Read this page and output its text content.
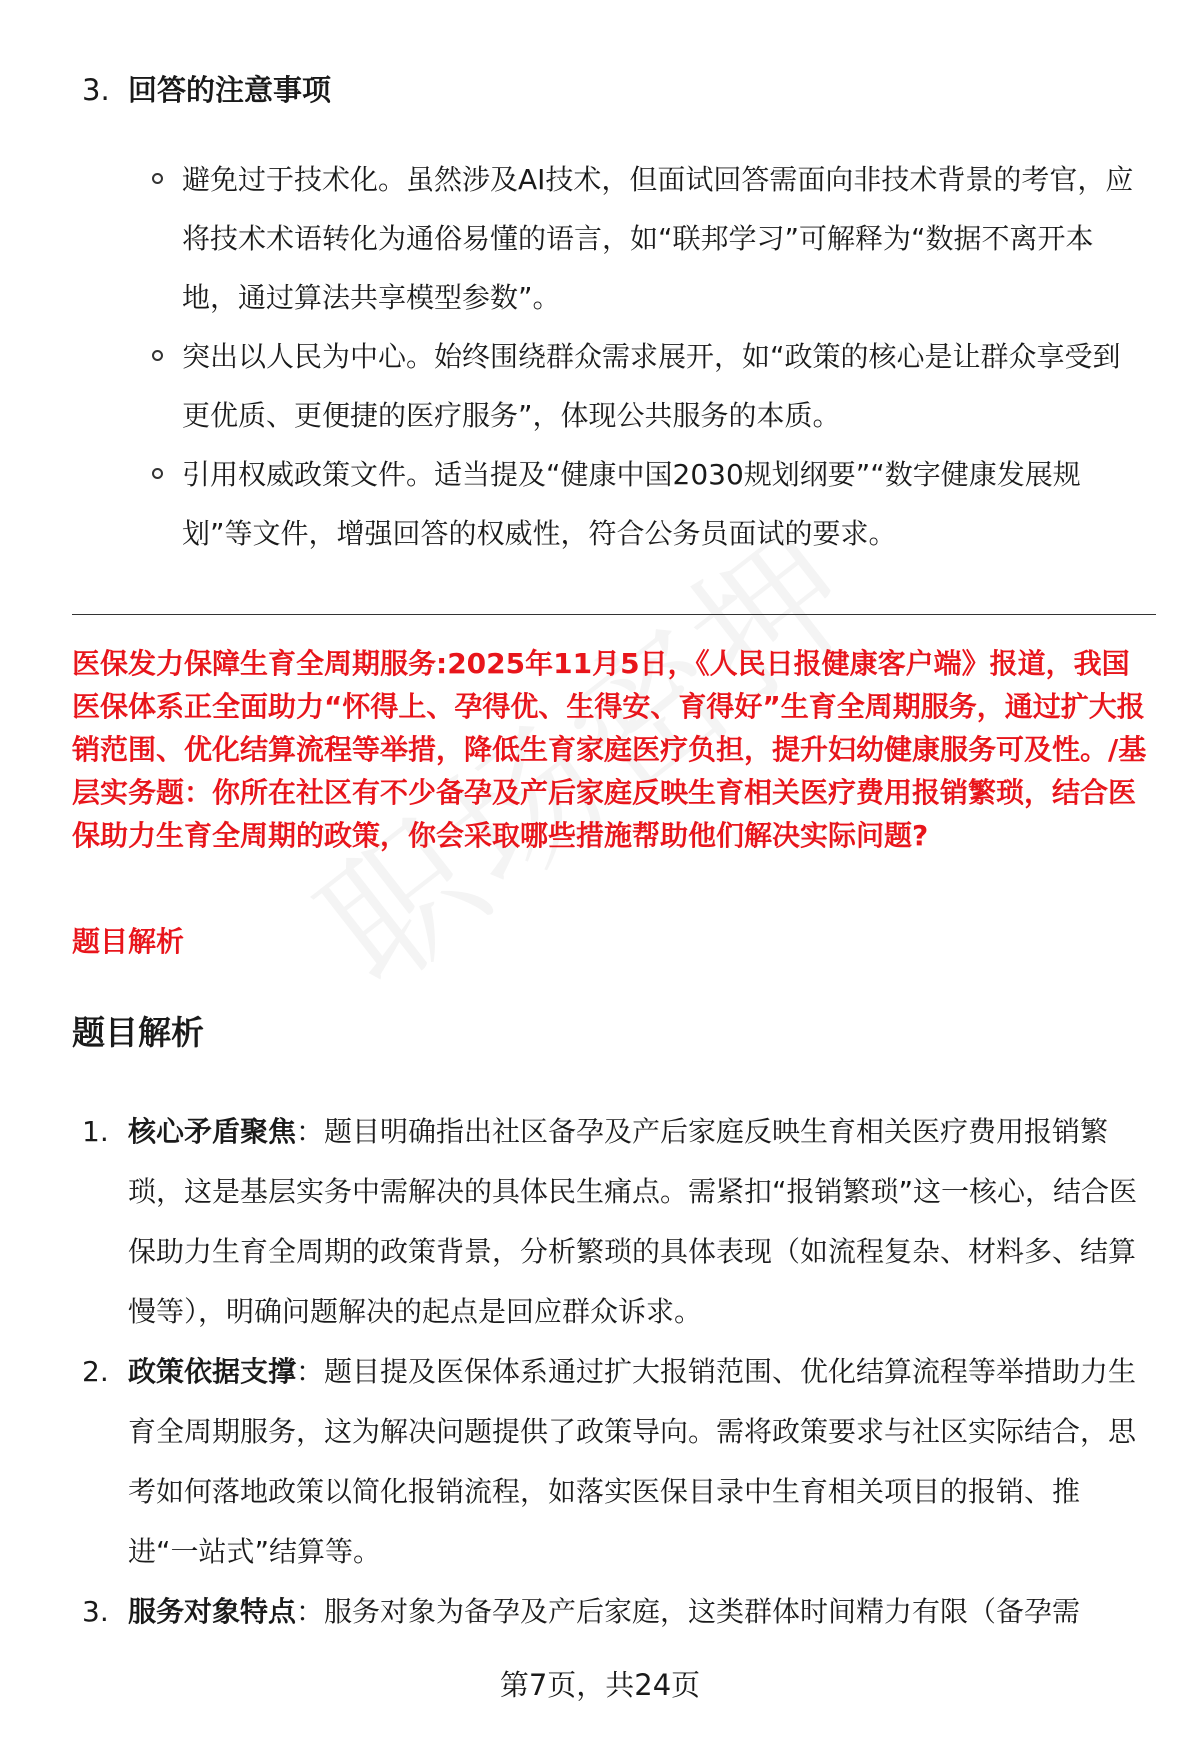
3. 回答的注意事项
避免过于技术化。虽然涉及AI技术，但面试回答需面向非技术背景的考官，应将技术术语转化为通俗易懂的语言，如“联邦学习”可解释为“数据不离开本地，通过算法共享模型参数”。
突出以人民为中心。始终围绕群众需求展开，如“政策的核心是让群众享受到更优质、更便捷的医疗服务”，体现公共服务的本质。
引用权威政策文件。适当提及“健康中国2030规划纲要”“数字健康发展规划”等文件，增强回答的权威性，符合公务员面试的要求。
医保发力保障生育全周期服务:2025年11月5日，《人民日报健康客户端》报道，我国医保体系正全面助力“怀得上、孕得优、生得安、育得好”生育全周期服务，通过扩大报销范围、优化结算流程等举措，降低生育家庭医疗负担，提升妇幼健康服务可及性。/基层实务题：你所在社区有不少备孕及产后家庭反映生育相关医疗费用报销繁琐，结合医保助力生育全周期的政策，你会采取哪些措施帮助他们解决实际问题?
题目解析
题目解析
1. 核心矛盾聚焦：题目明确指出社区备孕及产后家庭反映生育相关医疗费用报销繁琐，这是基层实务中需解决的具体民生痛点。需紧扣“报销繁琐”这一核心，结合医保助力生育全周期的政策背景，分析繁琐的具体表现（如流程复杂、材料多、结算慢等），明确问题解决的起点是回应群众诉求。
2. 政策依据支撑：题目提及医保体系通过扩大报销范围、优化结算流程等举措助力生育全周期服务，这为解决问题提供了政策导向。需将政策要求与社区实际结合，思考如何落地政策以简化报销流程，如落实医保目录中生育相关项目的报销、推进“一站式”结算等。
3. 服务对象特点：服务对象为备孕及产后家庭，这类群体时间精力有限（备孕需
第7页，共24页
